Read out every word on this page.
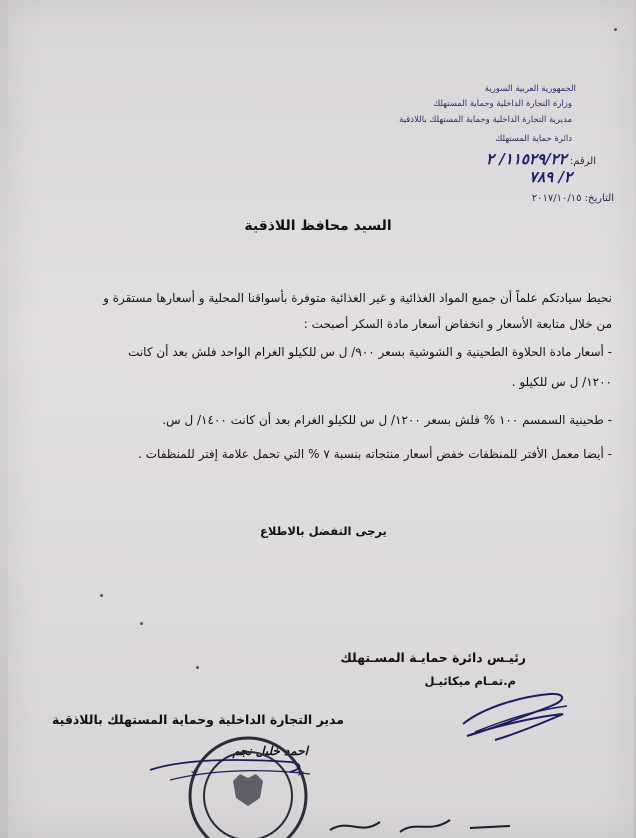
الجمهورية العربية السورية
وزارة التجارة الداخلية وحماية المستهلك
مديرية التجارة الداخلية وحماية المستهلك باللاذقية
دائرة حماية المستهلك
الرقم: ١١٥٢٩/٢٢/ ٢
٢/ ٧٨٩
التاريخ: ٢٠١٧/١٠/١٥
السيد محافظ اللاذقية
نحيط سيادتكم علماً أن جميع المواد الغذائية و غير الغذائية متوفرة بأسواقنا المحلية و أسعارها مستقرة و
من خلال متابعة الأسعار و انخفاض أسعار مادة السكر أصبحت :
- أسعار مادة الحلاوة الطحينية و الشوشية بسعر ٩٠٠/ ل س للكيلو الغرام الواحد فلش بعد أن كانت
١٢٠٠/ ل س للكيلو .
- طحينية السمسم ١٠٠ % فلش بسعر ١٢٠٠/ ل س للكيلو الغرام بعد أن كانت ١٤٠٠/ ل س.
- أيضا معمل الأفتر للمنظفات خفض أسعار منتجاته بنسبة ٧ % التي تحمل علامة إفتر للمنظفات .
يرجى التفضل بالاطلاع
رئيـس دائرة حمايـة المسـتهلك
م.تمـام ميكائيـل
مدير التجارة الداخلية وحماية المستهلك باللاذقية
احمد خليل نجم
★
★
